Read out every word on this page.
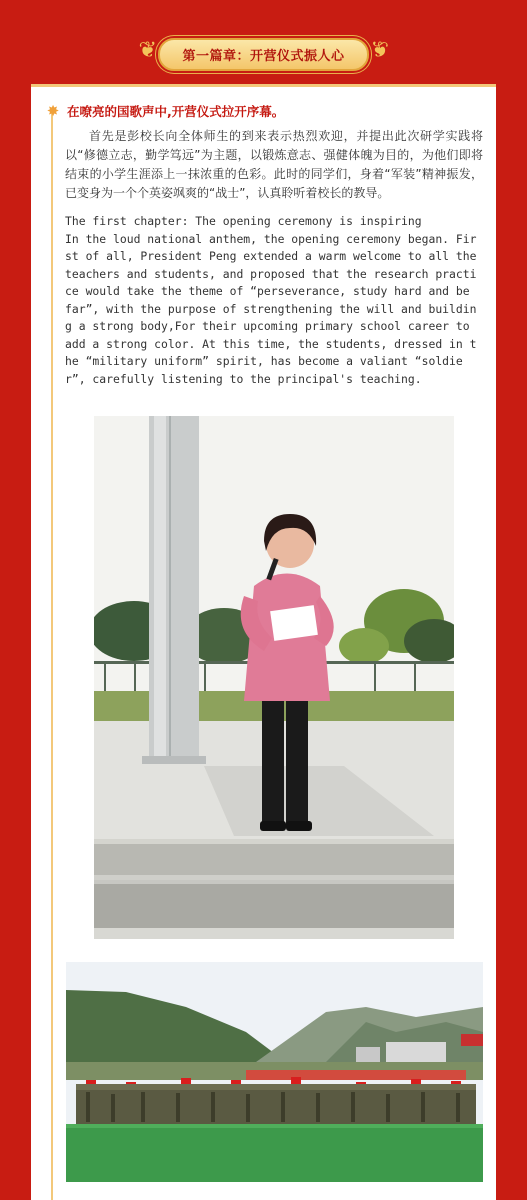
❦ 第一篇章：开营仪式振人心 ❦
✸ 在嘹亮的国歌声中,开营仪式拉开序幕。
首先是彭校长向全体师生的到来表示热烈欢迎，并提出此次研学实践将以“修德立志，勤学笃远”为主题，以锻炼意志、强健体魄为目的，为他们即将结束的小学生涯添上一抹浓重的色彩。此时的同学们，身着“军装”精神振发，已变身为一个个英姿飒爽的“战士”，认真聆听着校长的教导。
The first chapter: The opening ceremony is inspiring
In the loud national anthem, the opening ceremony began. First of all, President Peng extended a warm welcome to all the teachers and students, and proposed that the research practice would take the theme of “perseverance, study hard and be far”, with the purpose of strengthening the will and building a strong body,For their upcoming primary school career to add a strong color. At this time, the students, dressed in the “military uniform” spirit, has become a valiant “soldier”, carefully listening to the principal's teaching.
